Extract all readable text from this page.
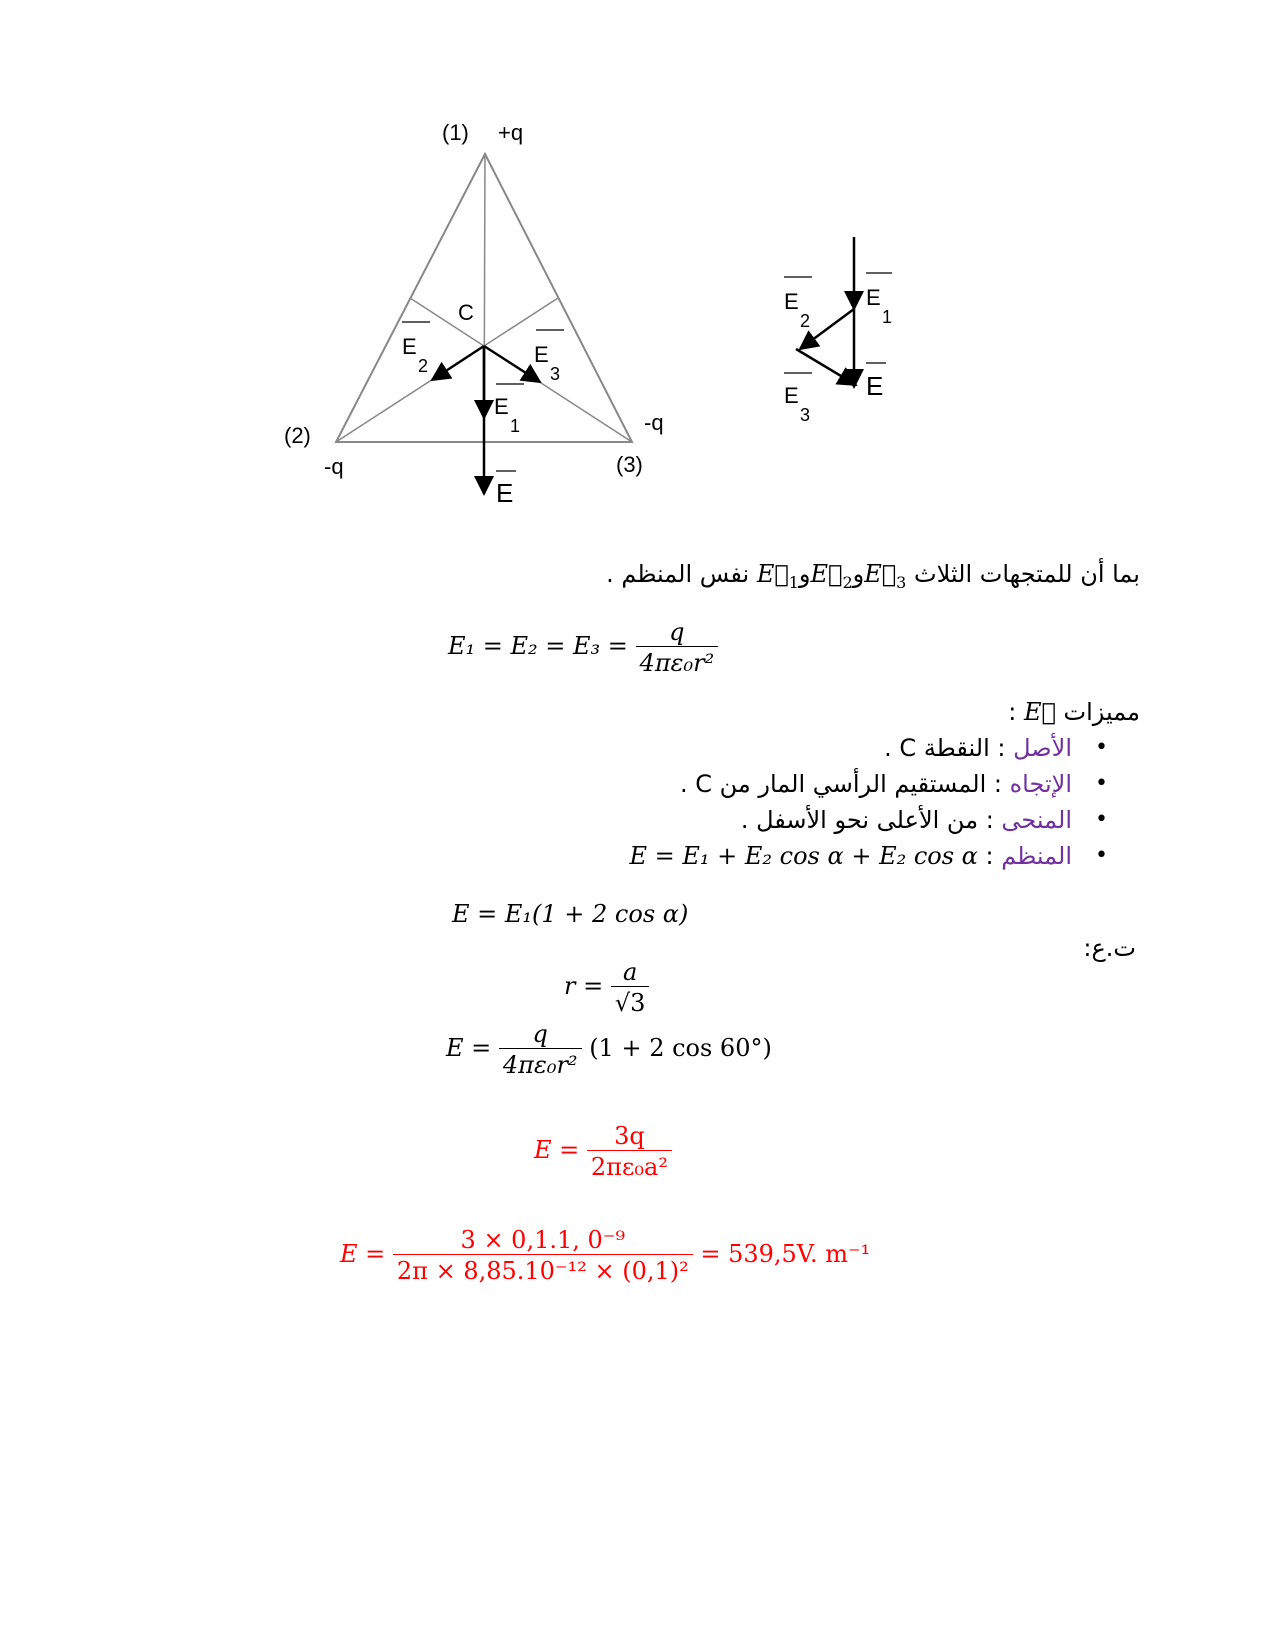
(1) +q
(2)
-q	(3)
-q
C
E
2	E
3
E
1
E
E
1
E
2
E
3
E
بما أن للمتجهات الثلاث $E_3وE_2وE_1$ نفس المنظم .
$E_1 = E_2 = E_3 = \frac{q}{\text{4πε₀r²}}$
مميزات E :
• الأصل : النقطة C .
• الإتجاه : المستقيم الرأسي المار من C .
• المنحى : من الأعلى نحو الأسفل .
• المنظم : E = E₁ + E₂ cos α + E₂ cos α
E = E₁(1 + 2 cos α)
ت.ع:
$r = \frac{a}{√3}$
$E = \frac{q}{\text{4πε₀r²}} (1 + 2$ cos 60°)
$E = \frac{3q}{\text{2πε₀a²}}$
$E = \frac{\text{3 × 0,1.1, 0⁻⁹}}{\text{2π × 8,85.10⁻¹² × (0,1)²}} = 539,5V$. m⁻¹
